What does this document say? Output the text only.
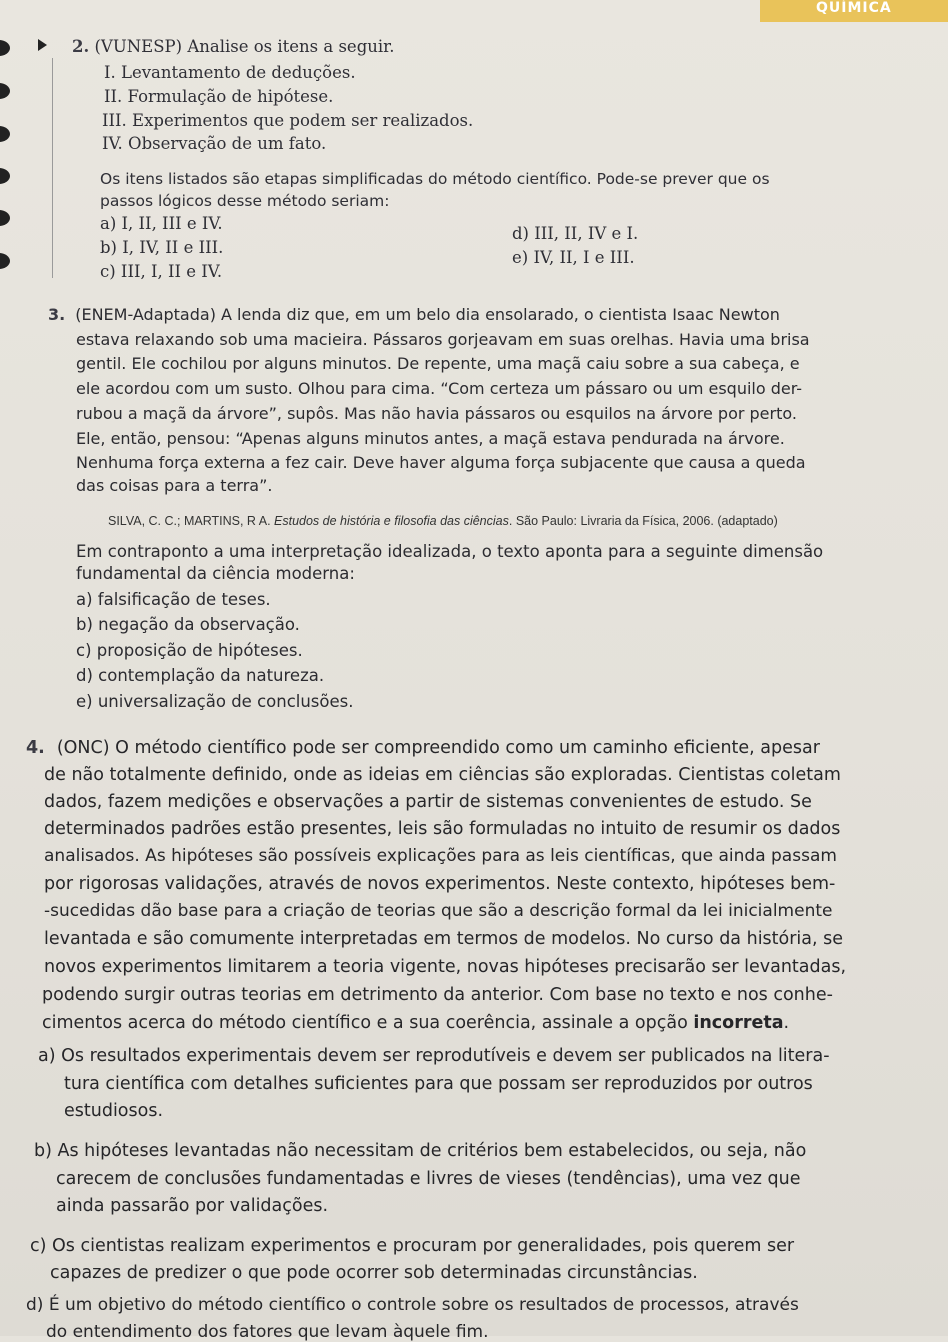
QUÍMICA
2. (VUNESP) Analise os itens a seguir.
I. Levantamento de deduções.
II. Formulação de hipótese.
III. Experimentos que podem ser realizados.
IV. Observação de um fato.
Os itens listados são etapas simplificadas do método científico. Pode-se prever que os
passos lógicos desse método seriam:
a) I, II, III e IV.
b) I, IV, II e III.
c) III, I, II e IV.
d) III, II, IV e I.
e) IV, II, I e III.
3. (ENEM-Adaptada) A lenda diz que, em um belo dia ensolarado, o cientista Isaac Newton
estava relaxando sob uma macieira. Pássaros gorjeavam em suas orelhas. Havia uma brisa
gentil. Ele cochilou por alguns minutos. De repente, uma maçã caiu sobre a sua cabeça, e
ele acordou com um susto. Olhou para cima. “Com certeza um pássaro ou um esquilo der-
rubou a maçã da árvore”, supôs. Mas não havia pássaros ou esquilos na árvore por perto.
Ele, então, pensou: “Apenas alguns minutos antes, a maçã estava pendurada na árvore.
Nenhuma força externa a fez cair. Deve haver alguma força subjacente que causa a queda
das coisas para a terra”.
SILVA, C. C.; MARTINS, R A. Estudos de história e filosofia das ciências. São Paulo: Livraria da Física, 2006. (adaptado)
Em contraponto a uma interpretação idealizada, o texto aponta para a seguinte dimensão
fundamental da ciência moderna:
a) falsificação de teses.
b) negação da observação.
c) proposição de hipóteses.
d) contemplação da natureza.
e) universalização de conclusões.
4. (ONC) O método científico pode ser compreendido como um caminho eficiente, apesar
de não totalmente definido, onde as ideias em ciências são exploradas. Cientistas coletam
dados, fazem medições e observações a partir de sistemas convenientes de estudo. Se
determinados padrões estão presentes, leis são formuladas no intuito de resumir os dados
analisados. As hipóteses são possíveis explicações para as leis científicas, que ainda passam
por rigorosas validações, através de novos experimentos. Neste contexto, hipóteses bem-
-sucedidas dão base para a criação de teorias que são a descrição formal da lei inicialmente
levantada e são comumente interpretadas em termos de modelos. No curso da história, se
novos experimentos limitarem a teoria vigente, novas hipóteses precisarão ser levantadas,
podendo surgir outras teorias em detrimento da anterior. Com base no texto e nos conhe-
cimentos acerca do método científico e a sua coerência, assinale a opção incorreta.
a) Os resultados experimentais devem ser reprodutíveis e devem ser publicados na litera-
tura científica com detalhes suficientes para que possam ser reproduzidos por outros
estudiosos.
b) As hipóteses levantadas não necessitam de critérios bem estabelecidos, ou seja, não
carecem de conclusões fundamentadas e livres de vieses (tendências), uma vez que
ainda passarão por validações.
c) Os cientistas realizam experimentos e procuram por generalidades, pois querem ser
capazes de predizer o que pode ocorrer sob determinadas circunstâncias.
d) É um objetivo do método científico o controle sobre os resultados de processos, através
do entendimento dos fatores que levam àquele fim.
